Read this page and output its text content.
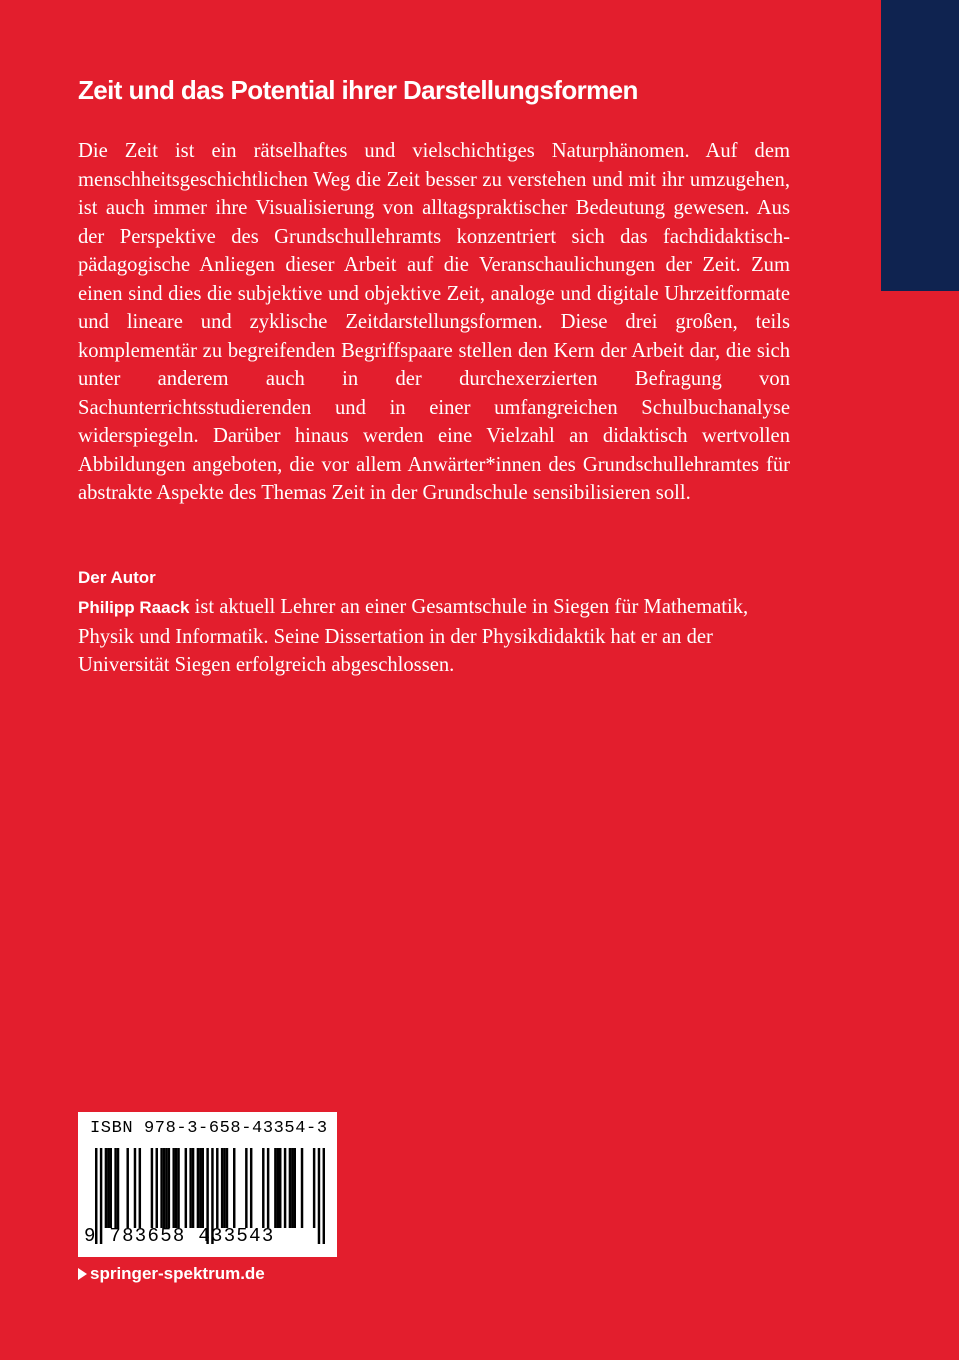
Zeit und das Potential ihrer Darstellungsformen
Die Zeit ist ein rätselhaftes und vielschichtiges Naturphänomen. Auf dem menschheitsgeschichtlichen Weg die Zeit besser zu verstehen und mit ihr umzugehen, ist auch immer ihre Visualisierung von alltagspraktischer Bedeutung gewesen. Aus der Perspektive des Grundschullehramts konzentriert sich das fachdidaktisch-pädagogische Anliegen dieser Arbeit auf die Veranschaulichungen der Zeit. Zum einen sind dies die subjektive und objektive Zeit, analoge und digitale Uhrzeitformate und lineare und zyklische Zeitdarstellungsformen. Diese drei großen, teils komplementär zu begreifenden Begriffspaare stellen den Kern der Arbeit dar, die sich unter anderem auch in der durchexerzierten Befragung von Sachunterrichtsstudierenden und in einer umfangreichen Schulbuchanalyse widerspiegeln. Darüber hinaus werden eine Vielzahl an didaktisch wertvollen Abbildungen angeboten, die vor allem Anwärter*innen des Grundschullehramtes für abstrakte Aspekte des Themas Zeit in der Grundschule sensibilisieren soll.
Der Autor
Philipp Raack ist aktuell Lehrer an einer Gesamtschule in Siegen für Mathematik, Physik und Informatik. Seine Dissertation in der Physikdidaktik hat er an der Universität Siegen erfolgreich abgeschlossen.
ISBN 978-3-658-43354-3
9 783658 433543
springer-spektrum.de
